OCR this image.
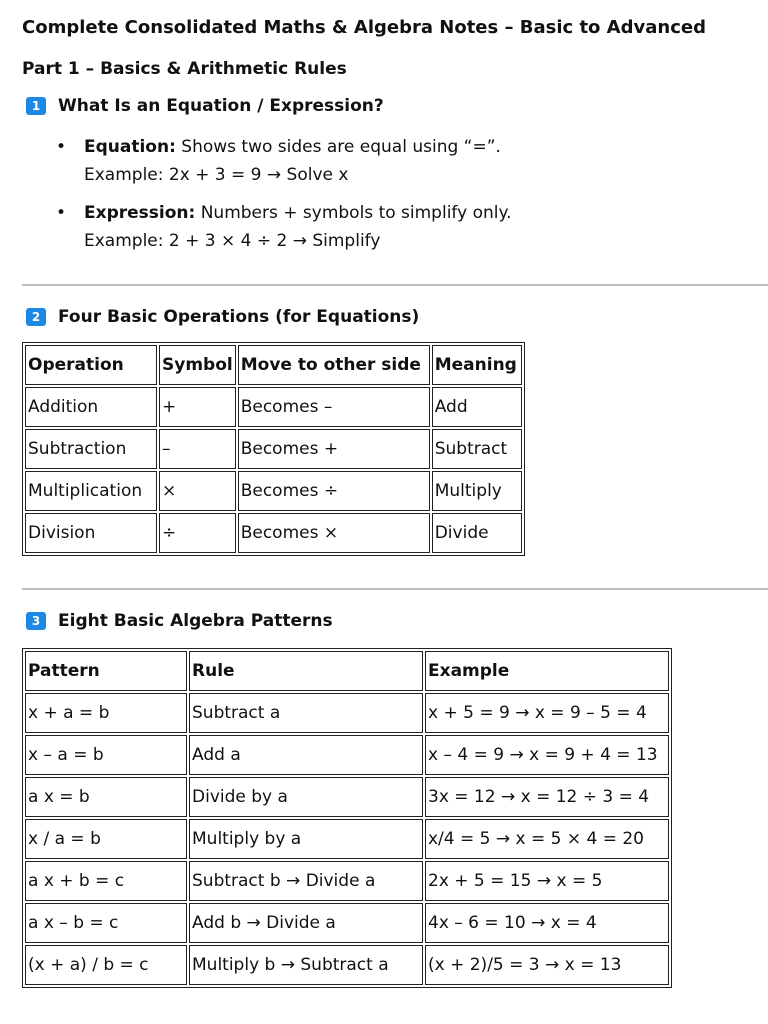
Complete Consolidated Maths & Algebra Notes – Basic to Advanced
Part 1 – Basics & Arithmetic Rules
1	What Is an Equation / Expression?
• Equation: Shows two sides are equal using “=”.
Example: 2x + 3 = 9 → Solve x
• Expression: Numbers + symbols to simplify only.
Example: 2 + 3 × 4 ÷ 2 → Simplify
2	Four Basic Operations (for Equations)
Operation	Symbol	Move to other side	Meaning
Addition	+	Becomes –	Add
Subtraction	–	Becomes +	Subtract
Multiplication	×	Becomes ÷	Multiply
Division	÷	Becomes ×	Divide
3	Eight Basic Algebra Patterns
Pattern	Rule	Example
x + a = b	Subtract a	x + 5 = 9 → x = 9 – 5 = 4
x – a = b	Add a	x – 4 = 9 → x = 9 + 4 = 13
a x = b	Divide by a	3x = 12 → x = 12 ÷ 3 = 4
x / a = b	Multiply by a	x/4 = 5 → x = 5 × 4 = 20
a x + b = c	Subtract b → Divide a	2x + 5 = 15 → x = 5
a x – b = c	Add b → Divide a	4x – 6 = 10 → x = 4
(x + a) / b = c	Multiply b → Subtract a	(x + 2)/5 = 3 → x = 13
